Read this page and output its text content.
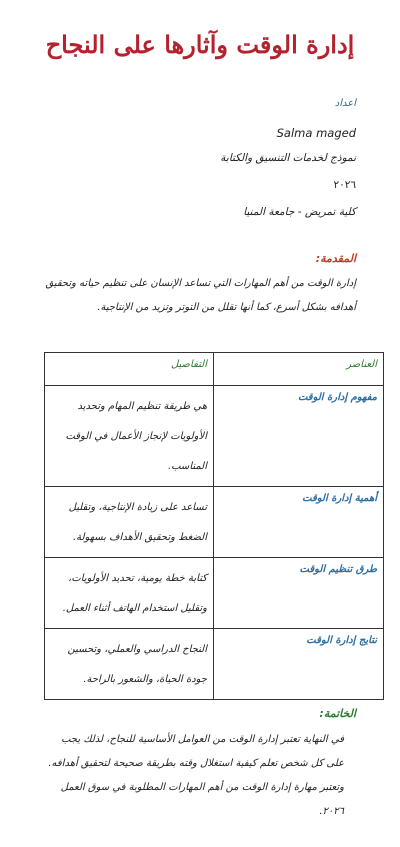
إدارة الوقت وآثارها على النجاح
اعداد
Salma maged
نموذج لخدمات التنسيق والكتابة
٢٠٢٦
كلية تمريض - جامعة المنيا
المقدمة:
إدارة الوقت من أهم المهارات التي تساعد الإنسان على تنظيم حياته وتحقيق أهدافه بشكل أسرع، كما أنها تقلل من التوتر وتزيد من الإنتاجية.
العناصر	التفاصيل
مفهوم إدارة الوقت	هي طريقة تنظيم المهام وتحديد الأولويات لإنجاز الأعمال في الوقت المناسب.
أهمية إدارة الوقت	تساعد على زيادة الإنتاجية، وتقليل الضغط وتحقيق الأهداف بسهولة.
طرق تنظيم الوقت	كتابة خطة يومية، تحديد الأولويات، وتقليل استخدام الهاتف أثناء العمل.
نتايج إدارة الوقت	النجاح الدراسي والعملي، وتحسين جودة الحياة، والشعور بالراحة.
الخاتمة:
في النهاية تعتبر إدارة الوقت من العوامل الأساسية للنجاح، لذلك يجب على كل شخص تعلم كيفية استغلال وقته بطريقة صحيحة لتحقيق أهدافه. وتعتبر مهارة إدارة الوقت من أهم المهارات المطلوبة في سوق العمل ٢٠٢٦.
